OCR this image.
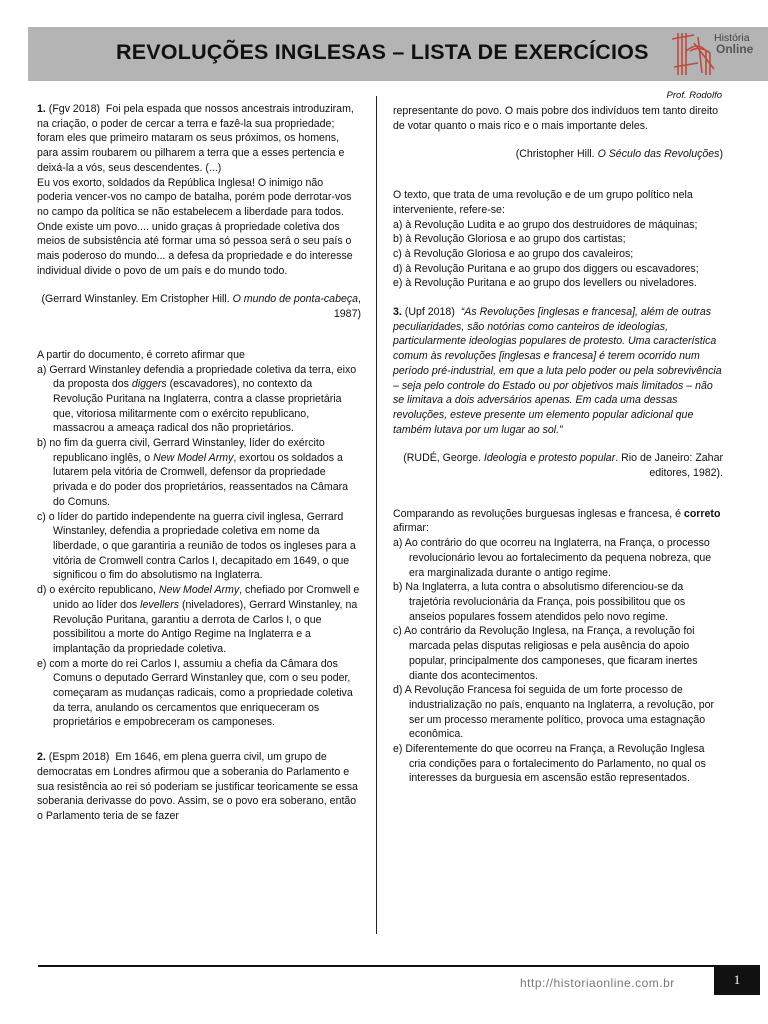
REVOLUÇÕES INGLESAS – LISTA DE EXERCÍCIOS
História
Online
Prof. Rodolfo

1. (Fgv 2018) Foi pela espada que nossos ancestrais introduziram, na criação, o poder de cercar a terra e fazê-la sua propriedade; foram eles que primeiro mataram os seus próximos, os homens, para assim roubarem ou pilharem a terra que a esses pertencia e deixá-la a vós, seus descendentes. (...)

Eu vos exorto, soldados da República Inglesa! O inimigo não poderia vencer-vos no campo de batalha, porém pode derrotar-vos no campo da política se não estabelecem a liberdade para todos.

Onde existe um povo.... unido graças à propriedade coletiva dos meios de subsistência até formar uma só pessoa será o seu país o mais poderoso do mundo... a defesa da propriedade e do interesse individual divide o povo de um país e do mundo todo.

(Gerrard Winstanley. Em Cristopher Hill. O mundo de ponta-cabeça, 1987)

A partir do documento, é correto afirmar que

a) Gerrard Winstanley defendia a propriedade coletiva da terra, eixo da proposta dos diggers (escavadores), no contexto da Revolução Puritana na Inglaterra, contra a classe proprietária que, vitoriosa militarmente com o exército republicano, massacrou a ameaça radical dos não proprietários.

b) no fim da guerra civil, Gerrard Winstanley, líder do exército republicano inglês, o New Model Army, exortou os soldados a lutarem pela vitória de Cromwell, defensor da propriedade privada e do poder dos proprietários, reassentados na Câmara do Comuns.

c) o líder do partido independente na guerra civil inglesa, Gerrard Winstanley, defendia a propriedade coletiva em nome da liberdade, o que garantiria a reunião de todos os ingleses para a vitória de Cromwell contra Carlos I, decapitado em 1649, o que significou o fim do absolutismo na Inglaterra.

d) o exército republicano, New Model Army, chefiado por Cromwell e unido ao líder dos levellers (niveladores), Gerrard Winstanley, na Revolução Puritana, garantiu a derrota de Carlos I, o que possibilitou a morte do Antigo Regime na Inglaterra e a implantação da propriedade coletiva.

e) com a morte do rei Carlos I, assumiu a chefia da Câmara dos Comuns o deputado Gerrard Winstanley que, com o seu poder, começaram as mudanças radicais, como a propriedade coletiva da terra, anulando os cercamentos que enriqueceram os proprietários e empobreceram os camponeses.

2. (Espm 2018) Em 1646, em plena guerra civil, um grupo de democratas em Londres afirmou que a soberania do Parlamento e sua resistência ao rei só poderiam se justificar teoricamente se essa soberania derivasse do povo. Assim, se o povo era soberano, então o Parlamento teria de se fazer

representante do povo. O mais pobre dos indivíduos tem tanto direito de votar quanto o mais rico e o mais importante deles.

(Christopher Hill. O Século das Revoluções)

O texto, que trata de uma revolução e de um grupo político nela interveniente, refere-se:

a) à Revolução Ludita e ao grupo dos destruidores de máquinas;

b) à Revolução Gloriosa e ao grupo dos cartistas;

c) à Revolução Gloriosa e ao grupo dos cavaleiros;

d) à Revolução Puritana e ao grupo dos diggers ou escavadores;

e) à Revolução Puritana e ao grupo dos levellers ou niveladores.

3. (Upf 2018) “As Revoluções [inglesas e francesa], além de outras peculiaridades, são notórias como canteiros de ideologias, particularmente ideologias populares de protesto. Uma característica comum às revoluções [inglesas e francesa] é terem ocorrido num período pré-industrial, em que a luta pelo poder ou pela sobrevivência – seja pelo controle do Estado ou por objetivos mais limitados – não se limitava a dois adversários apenas. Em cada uma dessas revoluções, esteve presente um elemento popular adicional que também lutava por um lugar ao sol.”

(RUDÉ, George. Ideologia e protesto popular. Rio de Janeiro: Zahar editores, 1982).

Comparando as revoluções burguesas inglesas e francesa, é correto afirmar:

a) Ao contrário do que ocorreu na Inglaterra, na França, o processo revolucionário levou ao fortalecimento da pequena nobreza, que era marginalizada durante o antigo regime.

b) Na Inglaterra, a luta contra o absolutismo diferenciou-se da trajetória revolucionária da França, pois possibilitou que os anseios populares fossem atendidos pelo novo regime.

c) Ao contrário da Revolução Inglesa, na França, a revolução foi marcada pelas disputas religiosas e pela ausência do apoio popular, principalmente dos camponeses, que ficaram inertes diante dos acontecimentos.

d) A Revolução Francesa foi seguida de um forte processo de industrialização no país, enquanto na Inglaterra, a revolução, por ser um processo meramente político, provoca uma estagnação econômica.

e) Diferentemente do que ocorreu na França, a Revolução Inglesa cria condições para o fortalecimento do Parlamento, no qual os interesses da burguesia em ascensão estão representados.

http://historiaonline.com.br	1
